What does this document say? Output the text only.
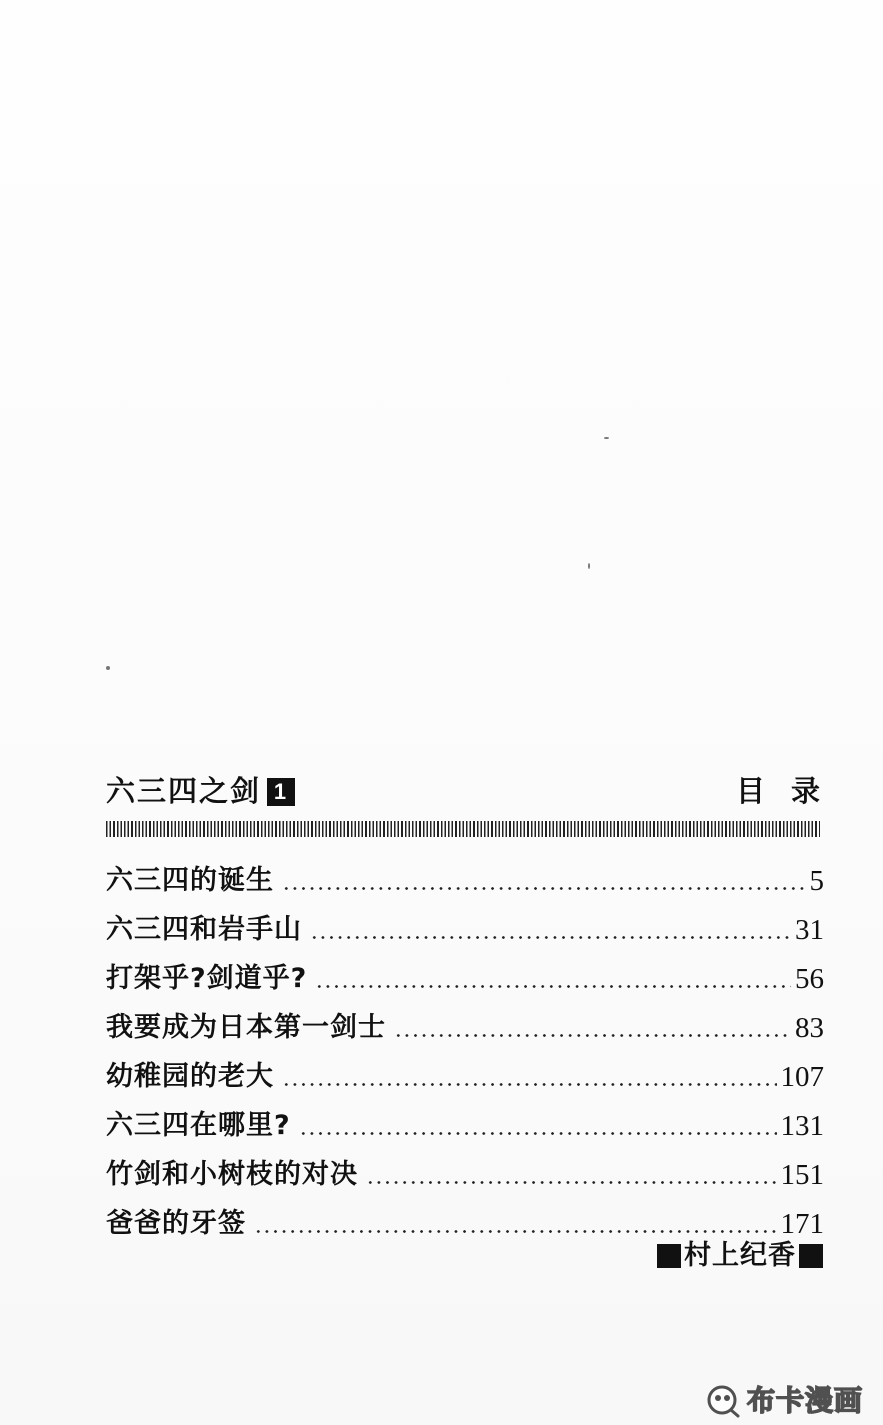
六三四之剑 1	目录
六三四的诞生	5
六三四和岩手山	31
打架乎?剑道乎?	56
我要成为日本第一剑士	83
幼稚园的老大	107
六三四在哪里?	131
竹剑和小树枝的对决	151
爸爸的牙签	171
村上纪香
布卡漫画
